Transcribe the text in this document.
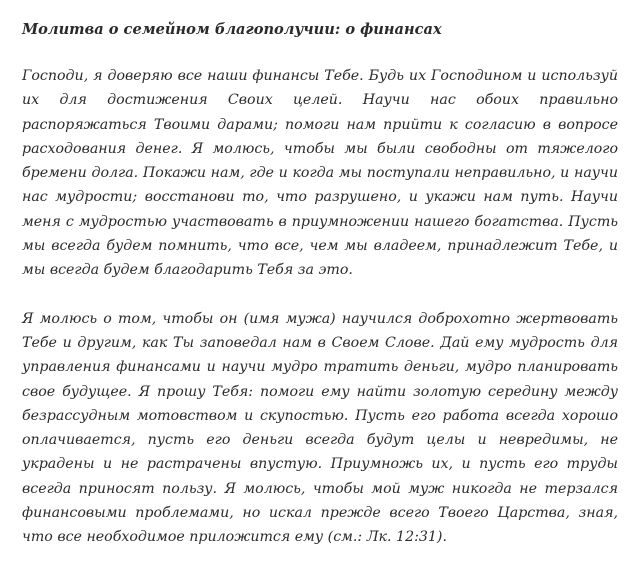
Молитва о семейном благополучии: о финансах

Господи, я доверяю все наши финансы Тебе. Будь их Господином и используй их для достижения Своих целей. Научи нас обоих правильно распоряжаться Твоими дарами; помоги нам прийти к согласию в вопросе расходования денег. Я молюсь, чтобы мы были свободны от тяжелого бремени долга. Покажи нам, где и когда мы поступали неправильно, и научи нас мудрости; восстанови то, что разрушено, и укажи нам путь. Научи меня с мудростью участвовать в приумножении нашего богатства. Пусть мы всегда будем помнить, что все, чем мы владеем, принадлежит Тебе, и мы всегда будем благодарить Тебя за это.

Я молюсь о том, чтобы он (имя мужа) научился доброхотно жертвовать Тебе и другим, как Ты заповедал нам в Своем Слове. Дай ему мудрость для управления финансами и научи мудро тратить деньги, мудро планировать свое будущее. Я прошу Тебя: помоги ему найти золотую середину между безрассудным мотовством и скупостью. Пусть его работа всегда хорошо оплачивается, пусть его деньги всегда будут целы и невредимы, не украдены и не растрачены впустую. Приумножь их, и пусть его труды всегда приносят пользу. Я молюсь, чтобы мой муж никогда не терзался финансовыми проблемами, но искал прежде всего Твоего Царства, зная, что все необходимое приложится ему (см.: Лк. 12:31).
